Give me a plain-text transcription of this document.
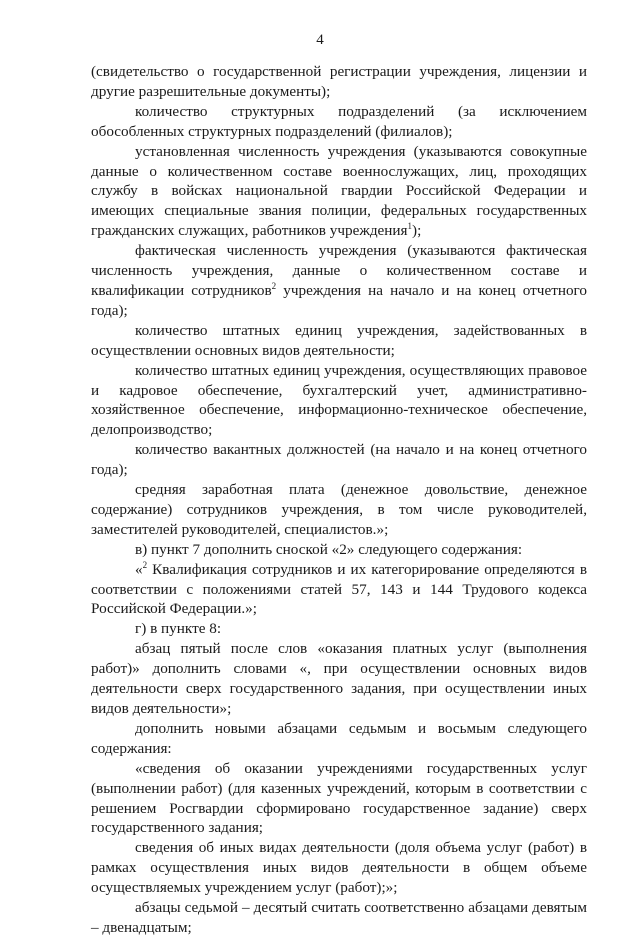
4

(свидетельство о государственной регистрации учреждения, лицензии и другие разрешительные документы);

количество структурных подразделений (за исключением обособленных структурных подразделений (филиалов);

установленная численность учреждения (указываются совокупные данные о количественном составе военнослужащих, лиц, проходящих службу в войсках национальной гвардии Российской Федерации и имеющих специальные звания полиции, федеральных государственных гражданских служащих, работников учреждения$^1$);

фактическая численность учреждения (указываются фактическая численность учреждения, данные о количественном составе и квалификации сотрудников$^2$ учреждения на начало и на конец отчетного года);

количество штатных единиц учреждения, задействованных в осуществлении основных видов деятельности;

количество штатных единиц учреждения, осуществляющих правовое и кадровое обеспечение, бухгалтерский учет, административно-хозяйственное обеспечение, информационно-техническое обеспечение, делопроизводство;

количество вакантных должностей (на начало и на конец отчетного года);

средняя заработная плата (денежное довольствие, денежное содержание) сотрудников учреждения, в том числе руководителей, заместителей руководителей, специалистов.»;

в) пункт 7 дополнить сноской «2» следующего содержания:

«$^2$ Квалификация сотрудников и их категорирование определяются в соответствии с положениями статей 57, 143 и 144 Трудового кодекса Российской Федерации.»;

г) в пункте 8:

абзац пятый после слов «оказания платных услуг (выполнения работ)» дополнить словами «, при осуществлении основных видов деятельности сверх государственного задания, при осуществлении иных видов деятельности»;

дополнить новыми абзацами седьмым и восьмым следующего содержания:

«сведения об оказании учреждениями государственных услуг (выполнении работ) (для казенных учреждений, которым в соответствии с решением Росгвардии сформировано государственное задание) сверх государственного задания;

сведения об иных видах деятельности (доля объема услуг (работ) в рамках осуществления иных видов деятельности в общем объеме осуществляемых учреждением услуг (работ);»;

абзацы седьмой – десятый считать соответственно абзацами девятым – двенадцатым;
